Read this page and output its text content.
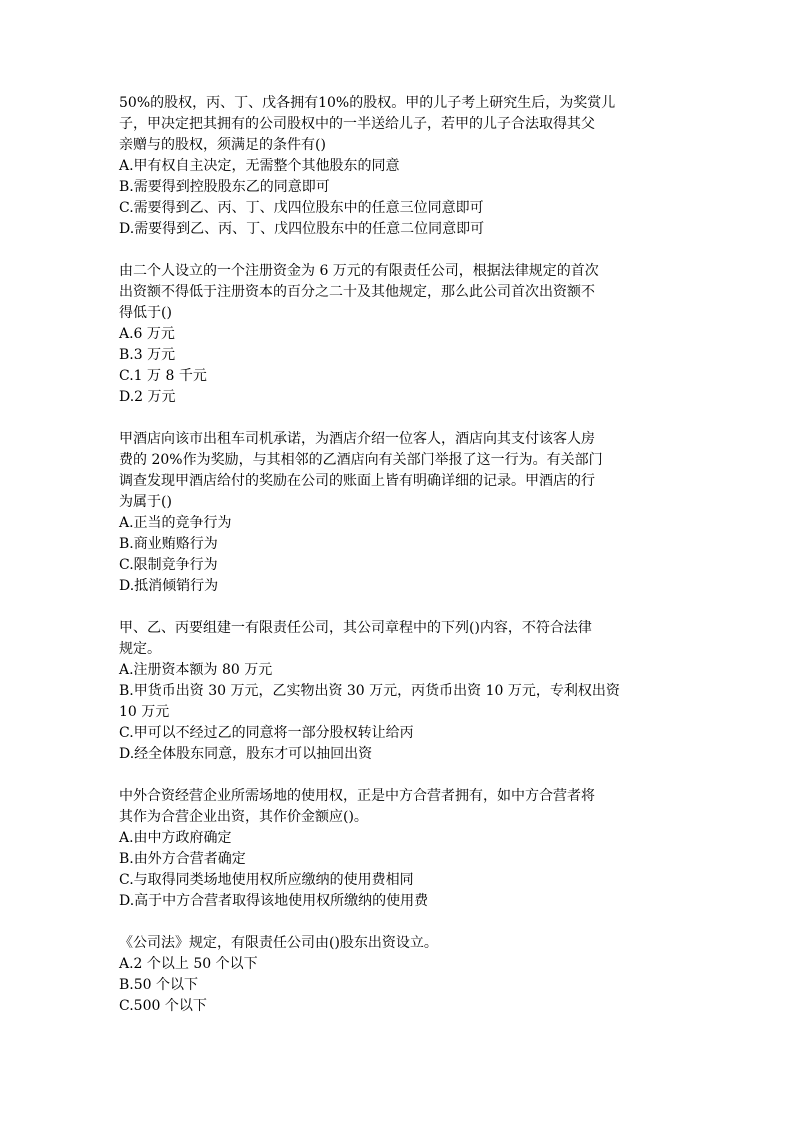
50%的股权，丙、丁、戊各拥有10%的股权。甲的儿子考上研究生后，为奖赏儿

子，甲决定把其拥有的公司股权中的一半送给儿子，若甲的儿子合法取得其父

亲赠与的股权，须满足的条件有()

A.甲有权自主决定，无需整个其他股东的同意

B.需要得到控股股东乙的同意即可

C.需要得到乙、丙、丁、戊四位股东中的任意三位同意即可

D.需要得到乙、丙、丁、戊四位股东中的任意二位同意即可

由二个人设立的一个注册资金为 6 万元的有限责任公司，根据法律规定的首次

出资额不得低于注册资本的百分之二十及其他规定，那么此公司首次出资额不

得低于()

A.6 万元

B.3 万元

C.1 万 8 千元

D.2 万元

甲酒店向该市出租车司机承诺，为酒店介绍一位客人，酒店向其支付该客人房

费的 20%作为奖励，与其相邻的乙酒店向有关部门举报了这一行为。有关部门

调查发现甲酒店给付的奖励在公司的账面上皆有明确详细的记录。甲酒店的行

为属于()

A.正当的竞争行为

B.商业贿赂行为

C.限制竞争行为

D.抵消倾销行为

甲、乙、丙要组建一有限责任公司，其公司章程中的下列()内容，不符合法律

规定。

A.注册资本额为 80 万元

B.甲货币出资 30 万元，乙实物出资 30 万元，丙货币出资 10 万元，专利权出资

10 万元

C.甲可以不经过乙的同意将一部分股权转让给丙

D.经全体股东同意，股东才可以抽回出资

中外合资经营企业所需场地的使用权，正是中方合营者拥有，如中方合营者将

其作为合营企业出资，其作价金额应()。

A.由中方政府确定

B.由外方合营者确定

C.与取得同类场地使用权所应缴纳的使用费相同

D.高于中方合营者取得该地使用权所缴纳的使用费

《公司法》规定，有限责任公司由()股东出资设立。

A.2 个以上 50 个以下

B.50 个以下

C.500 个以下
